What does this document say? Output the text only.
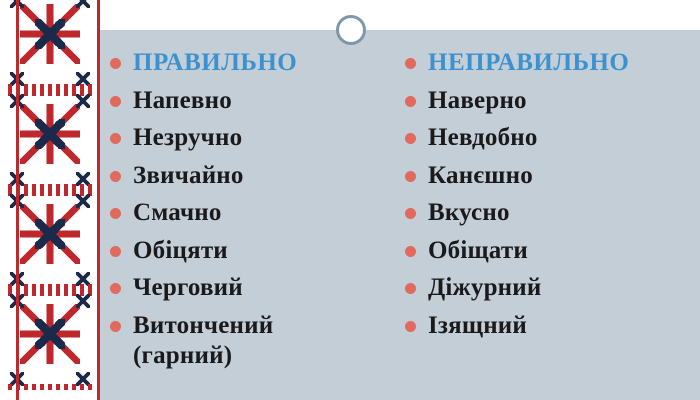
ПРАВИЛЬНО
Напевно
Незручно
Звичайно
Смачно
Обіцяти
Черговий
Витончений (гарний)
НЕПРАВИЛЬНО
Наверно
Невдобно
Канєшно
Вкусно
Обіщати
Діжурний
Ізящний
